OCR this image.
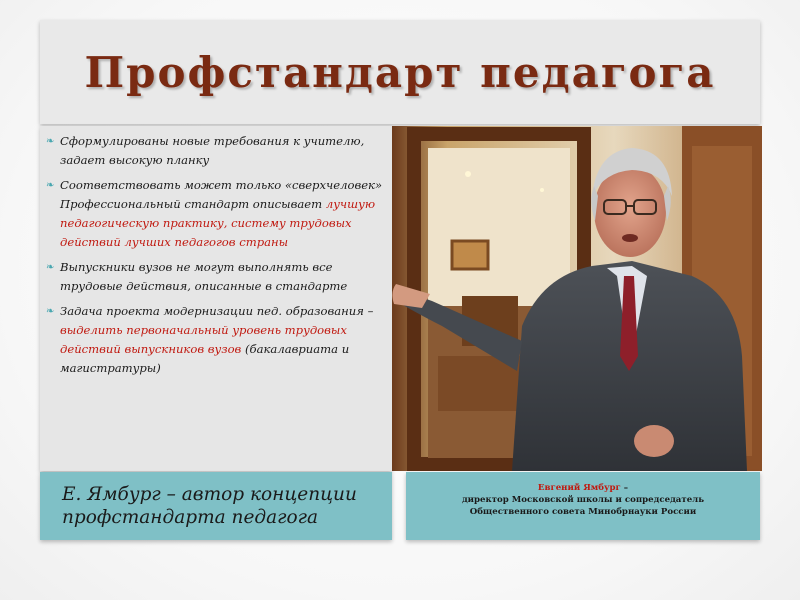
Профстандарт педагога
❧ Сформулированы новые требования к учителю, задает высокую планку
❧ Соответствовать может только «сверхчеловек» Профессиональный стандарт описывает лучшую педагогическую практику, систему трудовых действий лучших педагогов страны
❧ Выпускники вузов не могут выполнять все трудовые действия, описанные в стандарте
❧ Задача проекта модернизации пед. образования – выделить первоначальный уровень трудовых действий выпускников вузов (бакалавриата и магистратуры)

Е. Ямбург – автор концепции профстандарта педагога

Евгений Ямбург –
директор Московской школы и сопредседатель
Общественного совета Минобрнауки России
